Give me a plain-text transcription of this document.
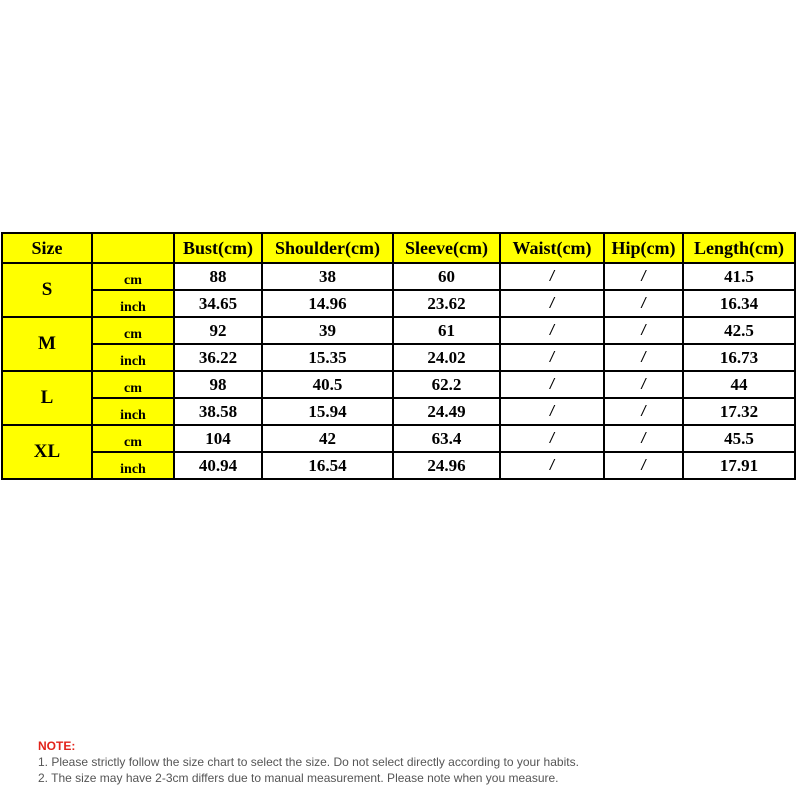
Size		Bust(cm)	Shoulder(cm)	Sleeve(cm)	Waist(cm)	Hip(cm)	Length(cm)
S	cm	88	38	60	/	/	41.5
	inch	34.65	14.96	23.62	/	/	16.34
M	cm	92	39	61	/	/	42.5
	inch	36.22	15.35	24.02	/	/	16.73
L	cm	98	40.5	62.2	/	/	44
	inch	38.58	15.94	24.49	/	/	17.32
XL	cm	104	42	63.4	/	/	45.5
	inch	40.94	16.54	24.96	/	/	17.91
NOTE:
1. Please strictly follow the size chart to select the size. Do not select directly according to your habits.
2. The size may have 2-3cm differs due to manual measurement. Please note when you measure.
